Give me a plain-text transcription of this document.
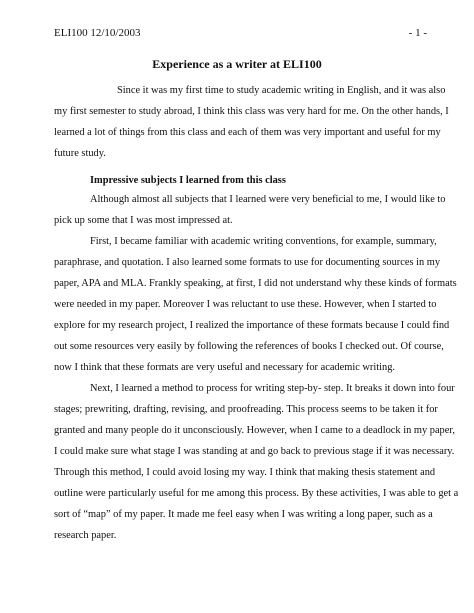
ELI100 12/10/2003	- 1 -
Experience as a writer at ELI100
Since it was my first time to study academic writing in English, and it was also
my first semester to study abroad, I think this class was very hard for me. On the other hands, I
learned a lot of things from this class and each of them was very important and useful for my
future study.
Impressive subjects I learned from this class
Although almost all subjects that I learned were very beneficial to me, I would like to
pick up some that I was most impressed at.
First, I became familiar with academic writing conventions, for example, summary,
paraphrase, and quotation. I also learned some formats to use for documenting sources in my
paper, APA and MLA. Frankly speaking, at first, I did not understand why these kinds of formats
were needed in my paper. Moreover I was reluctant to use these. However, when I started to
explore for my research project, I realized the importance of these formats because I could find
out some resources very easily by following the references of books I checked out. Of course,
now I think that these formats are very useful and necessary for academic writing.
Next, I learned a method to process for writing step-by- step. It breaks it down into four
stages; prewriting, drafting, revising, and proofreading. This process seems to be taken it for
granted and many people do it unconsciously. However, when I came to a deadlock in my paper,
I could make sure what stage I was standing at and go back to previous stage if it was necessary.
Through this method, I could avoid losing my way. I think that making thesis statement and
outline were particularly useful for me among this process. By these activities, I was able to get a
sort of “map” of my paper. It made me feel easy when I was writing a long paper, such as a
research paper.
